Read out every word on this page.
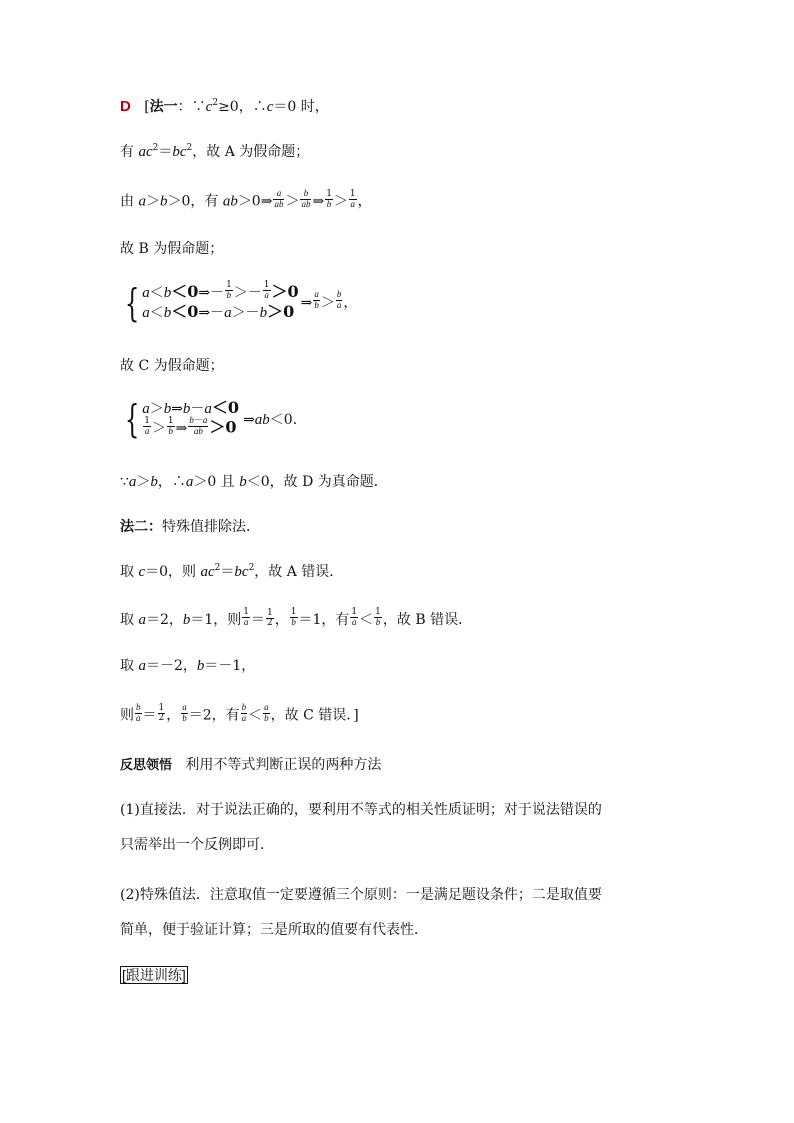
D   [法一：$\because c^2\ge 0$，∴c＝0 时，
有 $ac^2=bc^2$，故 A 为假命题；
由 a＞b＞0，有 ab＞0⇒ $\frac{a}{ab} > \frac{b}{ab}$ ⇒ $\frac{1}{b} > \frac{1}{a}$ ，
故 B 为假命题；
{ a＜b＜0⇒－ $\frac{1}{b} >- \frac{1}{a} >0$
a＜b＜0⇒－a＞－b＞0 ⇒ $\frac{a}{b} > \frac{b}{a}$ ，
故 C 为假命题；
{ a＞b⇒b－a＜0
$\frac{1}{a} > \frac{1}{b}$ ⇒ $\frac{b-a}{ab} >0$ ⇒ab＜0．
∵a＞b，∴a＞0 且 b＜0，故 D 为真命题．
法二：特殊值排除法．
取 c＝0，则 $ac^2=bc^2$，故 A 错误．
取 a＝2，b＝1，则 $\frac{1}{a} = \frac{1}{2}$ ， $\frac{1}{b} =1$，有 $\frac{1}{a} < \frac{1}{b}$ ，故 B 错误．
取 a＝－2，b＝－1，
则 $\frac{b}{a} = \frac{1}{2}$ ， $\frac{a}{b} =2$，有 $\frac{b}{a} < \frac{a}{b}$ ，故 C 错误．]
反思领悟 利用不等式判断正误的两种方法
(1)直接法．对于说法正确的，要利用不等式的相关性质证明；对于说法错误的
只需举出一个反例即可．
(2)特殊值法．注意取值一定要遵循三个原则：一是满足题设条件；二是取值要
简单，便于验证计算；三是所取的值要有代表性．
[跟进训练]
